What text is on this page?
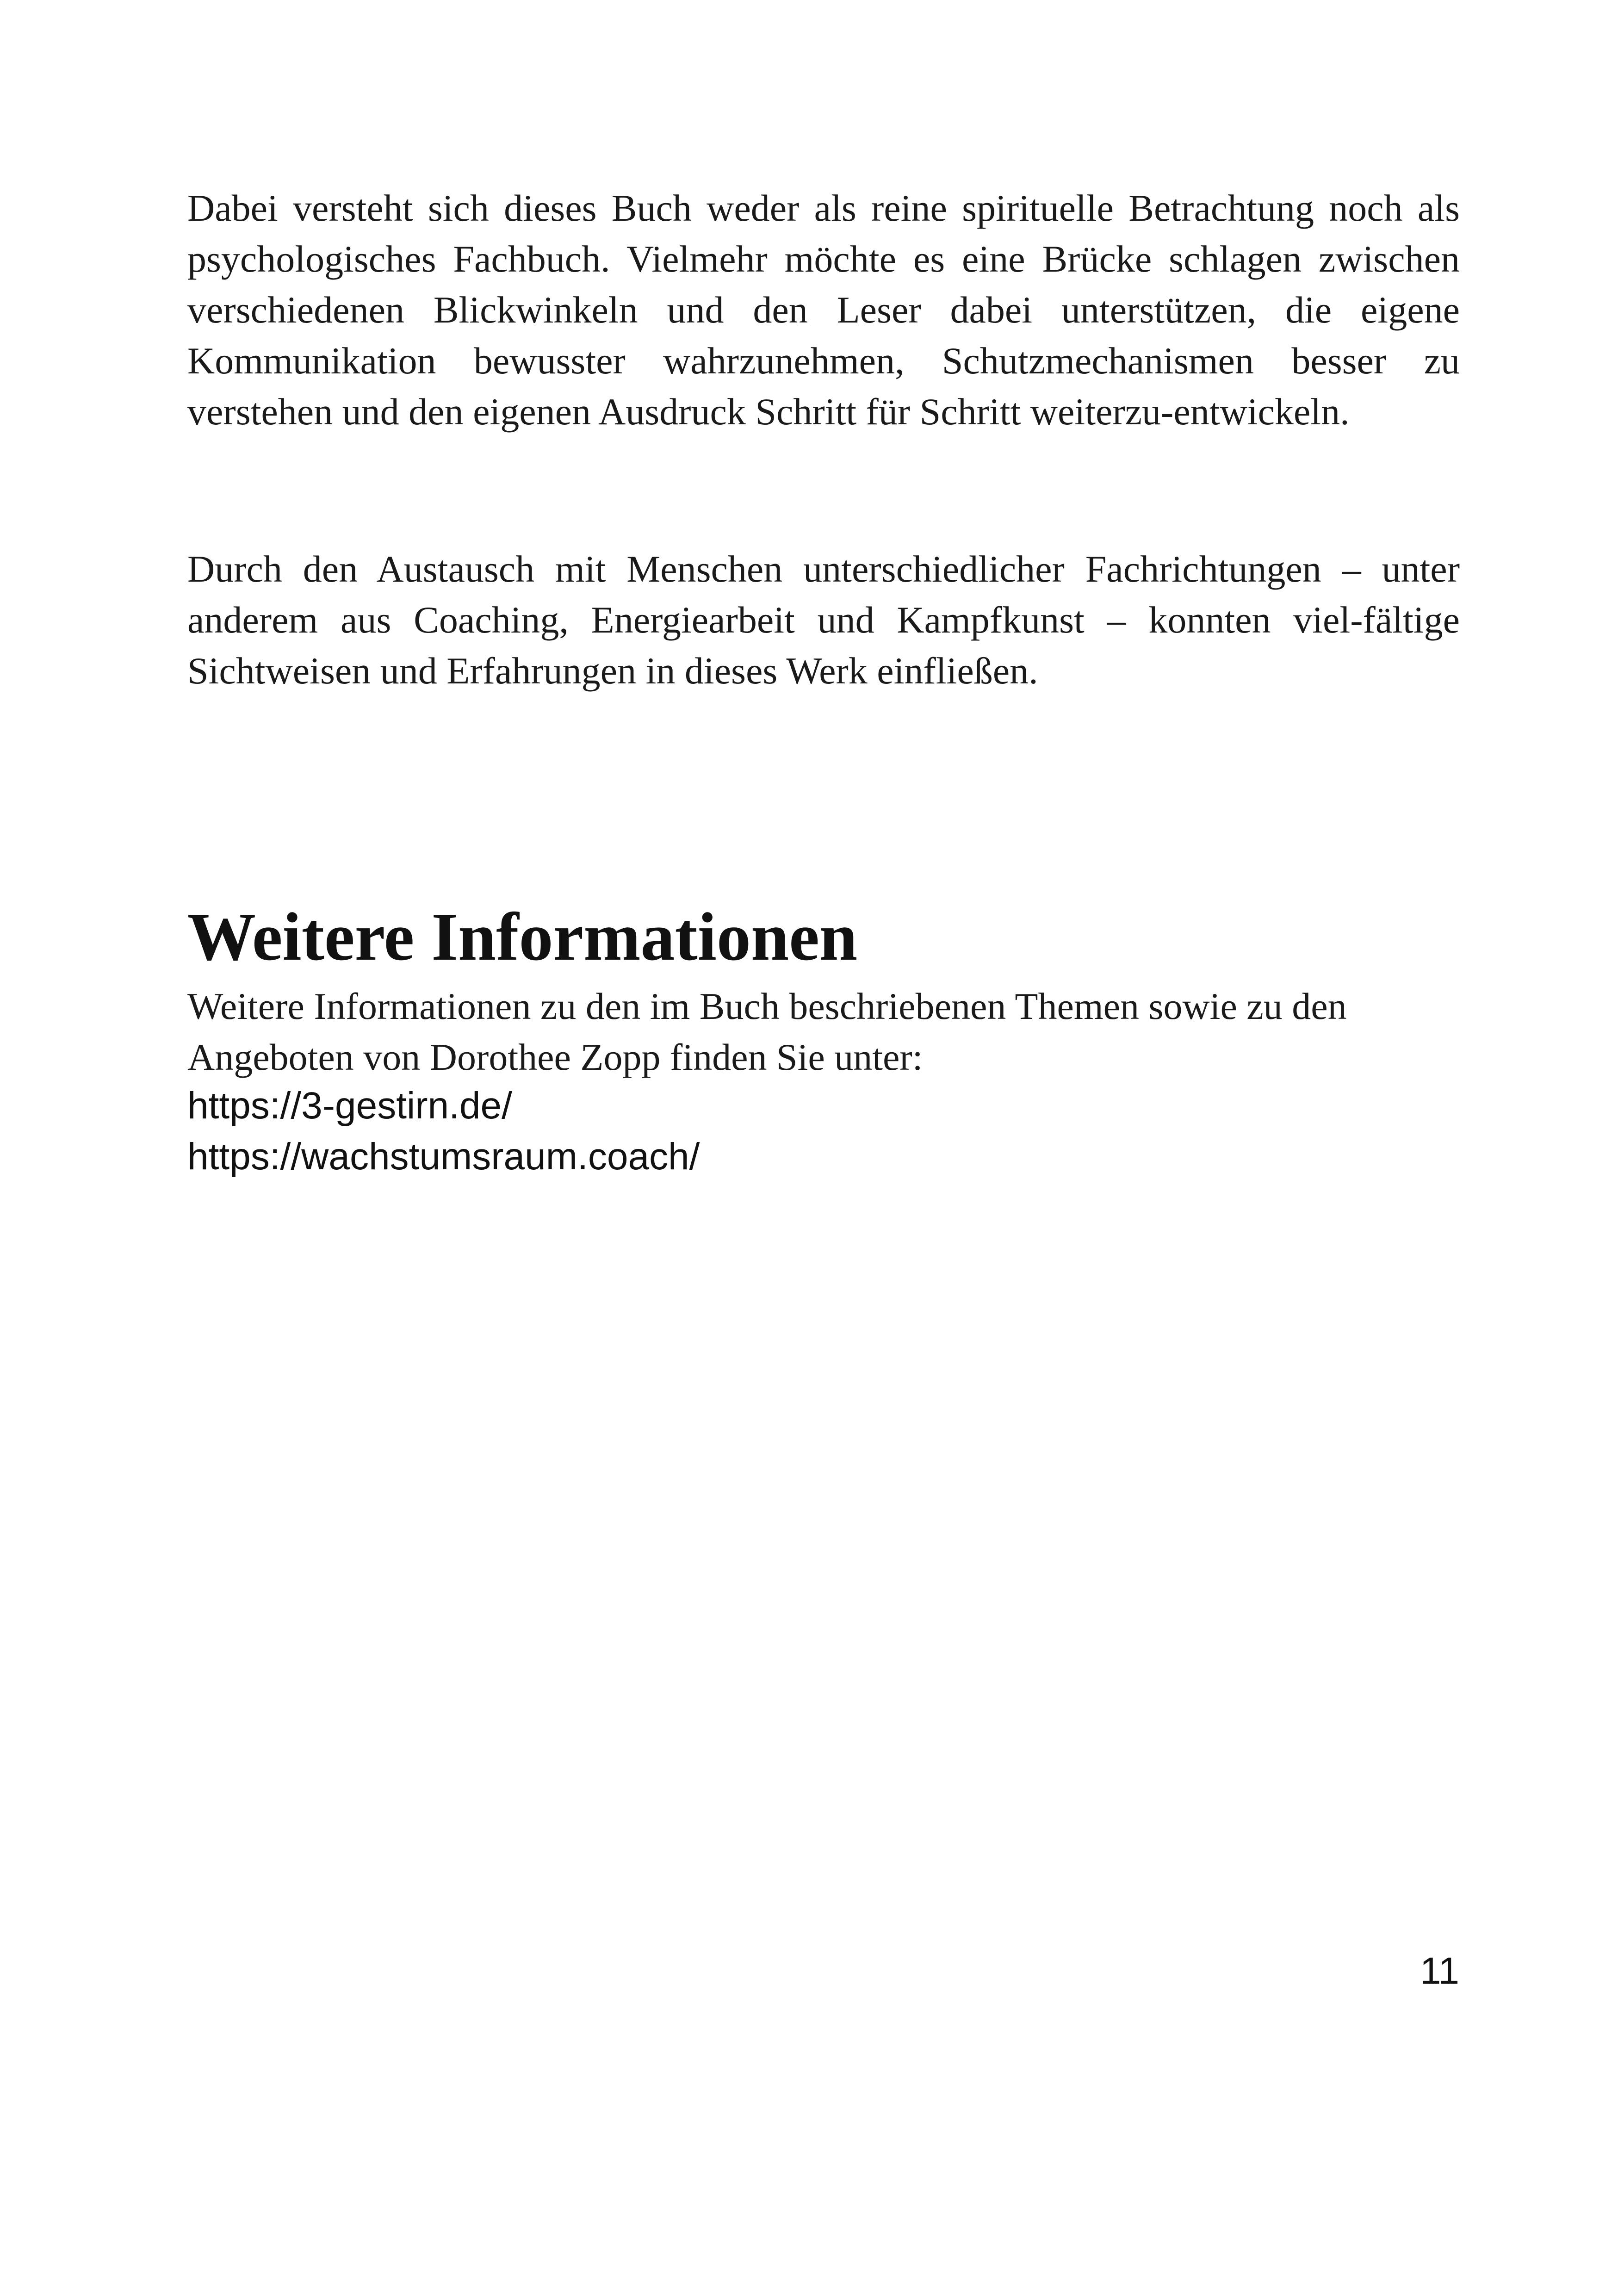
Dabei versteht sich dieses Buch weder als reine spirituelle Betrachtung noch als psychologisches Fachbuch. Vielmehr möchte es eine Brücke schlagen zwischen verschiedenen Blickwinkeln und den Leser dabei unterstützen, die eigene Kommunikation bewusster wahrzunehmen, Schutzmechanismen besser zu verstehen und den eigenen Ausdruck Schritt für Schritt weiterzu-entwickeln.

Durch den Austausch mit Menschen unterschiedlicher Fachrichtungen – unter anderem aus Coaching, Energiearbeit und Kampfkunst – konnten viel-fältige Sichtweisen und Erfahrungen in dieses Werk einfließen.

Weitere Informationen

Weitere Informationen zu den im Buch beschriebenen Themen sowie zu den Angeboten von Dorothee Zopp finden Sie unter:

https://3-gestirn.de/
https://wachstumsraum.coach/
11
